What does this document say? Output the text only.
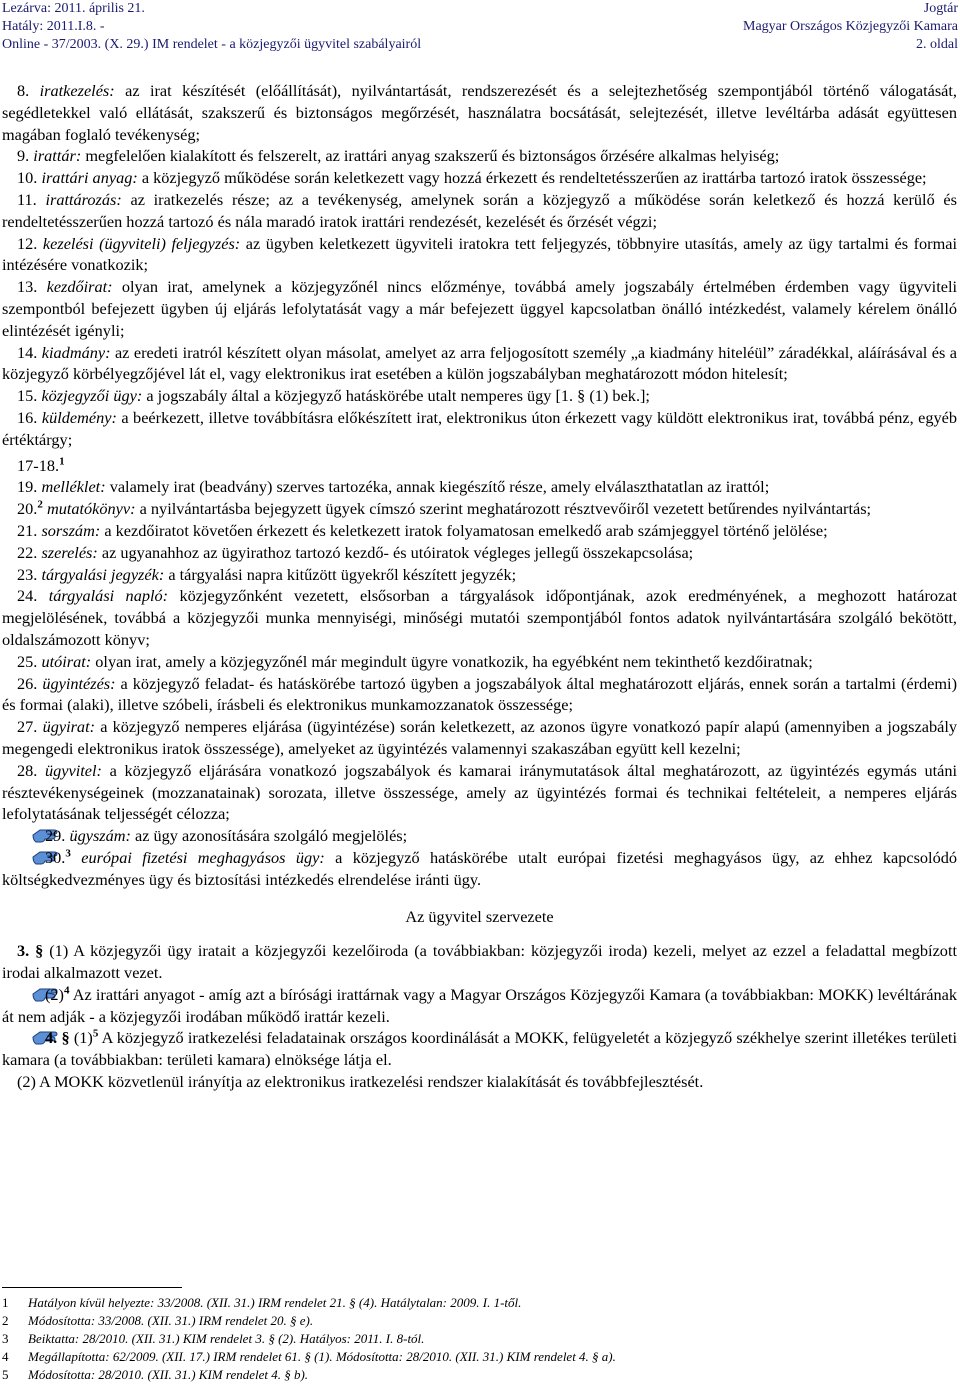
Lezárva: 2011. április 21.
Hatály: 2011.I.8. -
Online - 37/2003. (X. 29.) IM rendelet - a közjegyzői ügyvitel szabályairól
Jogtár
Magyar Országos Közjegyzői Kamara
2. oldal

8. iratkezelés: az irat készítését (előállítását), nyilvántartását, rendszerezését és a selejtezhetőség szempontjából történő válogatását, segédletekkel való ellátását, szakszerű és biztonságos megőrzését, használatra bocsátását, selejtezését, illetve levéltárba adását együttesen magában foglaló tevékenység;

9. irattár: megfelelően kialakított és felszerelt, az irattári anyag szakszerű és biztonságos őrzésére alkalmas helyiség;

10. irattári anyag: a közjegyző működése során keletkezett vagy hozzá érkezett és rendeltetésszerűen az irattárba tartozó iratok összessége;

11. irattározás: az iratkezelés része; az a tevékenység, amelynek során a közjegyző a működése során keletkező és hozzá kerülő és rendeltetésszerűen hozzá tartozó és nála maradó iratok irattári rendezését, kezelését és őrzését végzi;

12. kezelési (ügyviteli) feljegyzés: az ügyben keletkezett ügyviteli iratokra tett feljegyzés, többnyire utasítás, amely az ügy tartalmi és formai intézésére vonatkozik;

13. kezdőirat: olyan irat, amelynek a közjegyzőnél nincs előzménye, továbbá amely jogszabály értelmében érdemben vagy ügyviteli szempontból befejezett ügyben új eljárás lefolytatását vagy a már befejezett üggyel kapcsolatban önálló intézkedést, valamely kérelem önálló elintézését igényli;

14. kiadmány: az eredeti iratról készített olyan másolat, amelyet az arra feljogosított személy „a kiadmány hiteléül” záradékkal, aláírásával és a közjegyző körbélyegzőjével lát el, vagy elektronikus irat esetében a külön jogszabályban meghatározott módon hitelesít;

15. közjegyzői ügy: a jogszabály által a közjegyző hatáskörébe utalt nemperes ügy [1. § (1) bek.];

16. küldemény: a beérkezett, illetve továbbításra előkészített irat, elektronikus úton érkezett vagy küldött elektronikus irat, továbbá pénz, egyéb értéktárgy;

17-18.$^1$

19. melléklet: valamely irat (beadvány) szerves tartozéka, annak kiegészítő része, amely elválaszthatatlan az irattól;

20.$^2$ mutatókönyv: a nyilvántartásba bejegyzett ügyek címszó szerint meghatározott résztvevőiről vezetett betűrendes nyilvántartás;

21. sorszám: a kezdőiratot követően érkezett és keletkezett iratok folyamatosan emelkedő arab számjeggyel történő jelölése;

22. szerelés: az ugyanahhoz az ügyirathoz tartozó kezdő- és utóiratok végleges jellegű összekapcsolása;

23. tárgyalási jegyzék: a tárgyalási napra kitűzött ügyekről készített jegyzék;

24. tárgyalási napló: közjegyzőnként vezetett, elsősorban a tárgyalások időpontjának, azok eredményének, a meghozott határozat megjelölésének, továbbá a közjegyzői munka mennyiségi, minőségi mutatói szempontjából fontos adatok nyilvántartására szolgáló bekötött, oldalszámozott könyv;

25. utóirat: olyan irat, amely a közjegyzőnél már megindult ügyre vonatkozik, ha egyébként nem tekinthető kezdőiratnak;

26. ügyintézés: a közjegyző feladat- és hatáskörébe tartozó ügyben a jogszabályok által meghatározott eljárás, ennek során a tartalmi (érdemi) és formai (alaki), illetve szóbeli, írásbeli és elektronikus munkamozzanatok összessége;

27. ügyirat: a közjegyző nemperes eljárása (ügyintézése) során keletkezett, az azonos ügyre vonatkozó papír alapú (amennyiben a jogszabály megengedi elektronikus iratok összessége), amelyeket az ügyintézés valamennyi szakaszában együtt kell kezelni;

28. ügyvitel: a közjegyző eljárására vonatkozó jogszabályok és kamarai iránymutatások által meghatározott, az ügyintézés egymás utáni résztevékenységeinek (mozzanatainak) sorozata, illetve összessége, amely az ügyintézés formai és technikai feltételeit, a nemperes eljárás lefolytatásának teljességét célozza;

29. ügyszám: az ügy azonosítására szolgáló megjelölés;

30.$^3$ európai fizetési meghagyásos ügy: a közjegyző hatáskörébe utalt európai fizetési meghagyásos ügy, az ehhez kapcsolódó költségkedvezményes ügy és biztosítási intézkedés elrendelése iránti ügy.

Az ügyvitel szervezete

3. § (1) A közjegyzői ügy iratait a közjegyzői kezelőiroda (a továbbiakban: közjegyzői iroda) kezeli, melyet az ezzel a feladattal megbízott irodai alkalmazott vezet.

$(2)^4$ Az irattári anyagot - amíg azt a bírósági irattárnak vagy a Magyar Országos Közjegyzői Kamara (a továbbiakban: MOKK) levéltárának át nem adják - a közjegyzői irodában működő irattár kezeli.

4. § $(1)^5$ A közjegyző iratkezelési feladatainak országos koordinálását a MOKK, felügyeletét a közjegyző székhelye szerint illetékes területi kamara (a továbbiakban: területi kamara) elnöksége látja el.

(2) A MOKK közvetlenül irányítja az elektronikus iratkezelési rendszer kialakítását és továbbfejlesztését.

1 Hatályon kívül helyezte: 33/2008. (XII. 31.) IRM rendelet 21. § (4). Hatálytalan: 2009. I. 1-től.
2 Módosította: 33/2008. (XII. 31.) IRM rendelet 20. § e).
3 Beiktatta: 28/2010. (XII. 31.) KIM rendelet 3. § (2). Hatályos: 2011. I. 8-tól.
4 Megállapította: 62/2009. (XII. 17.) IRM rendelet 61. § (1). Módosította: 28/2010. (XII. 31.) KIM rendelet 4. § a).
5 Módosította: 28/2010. (XII. 31.) KIM rendelet 4. § b).
